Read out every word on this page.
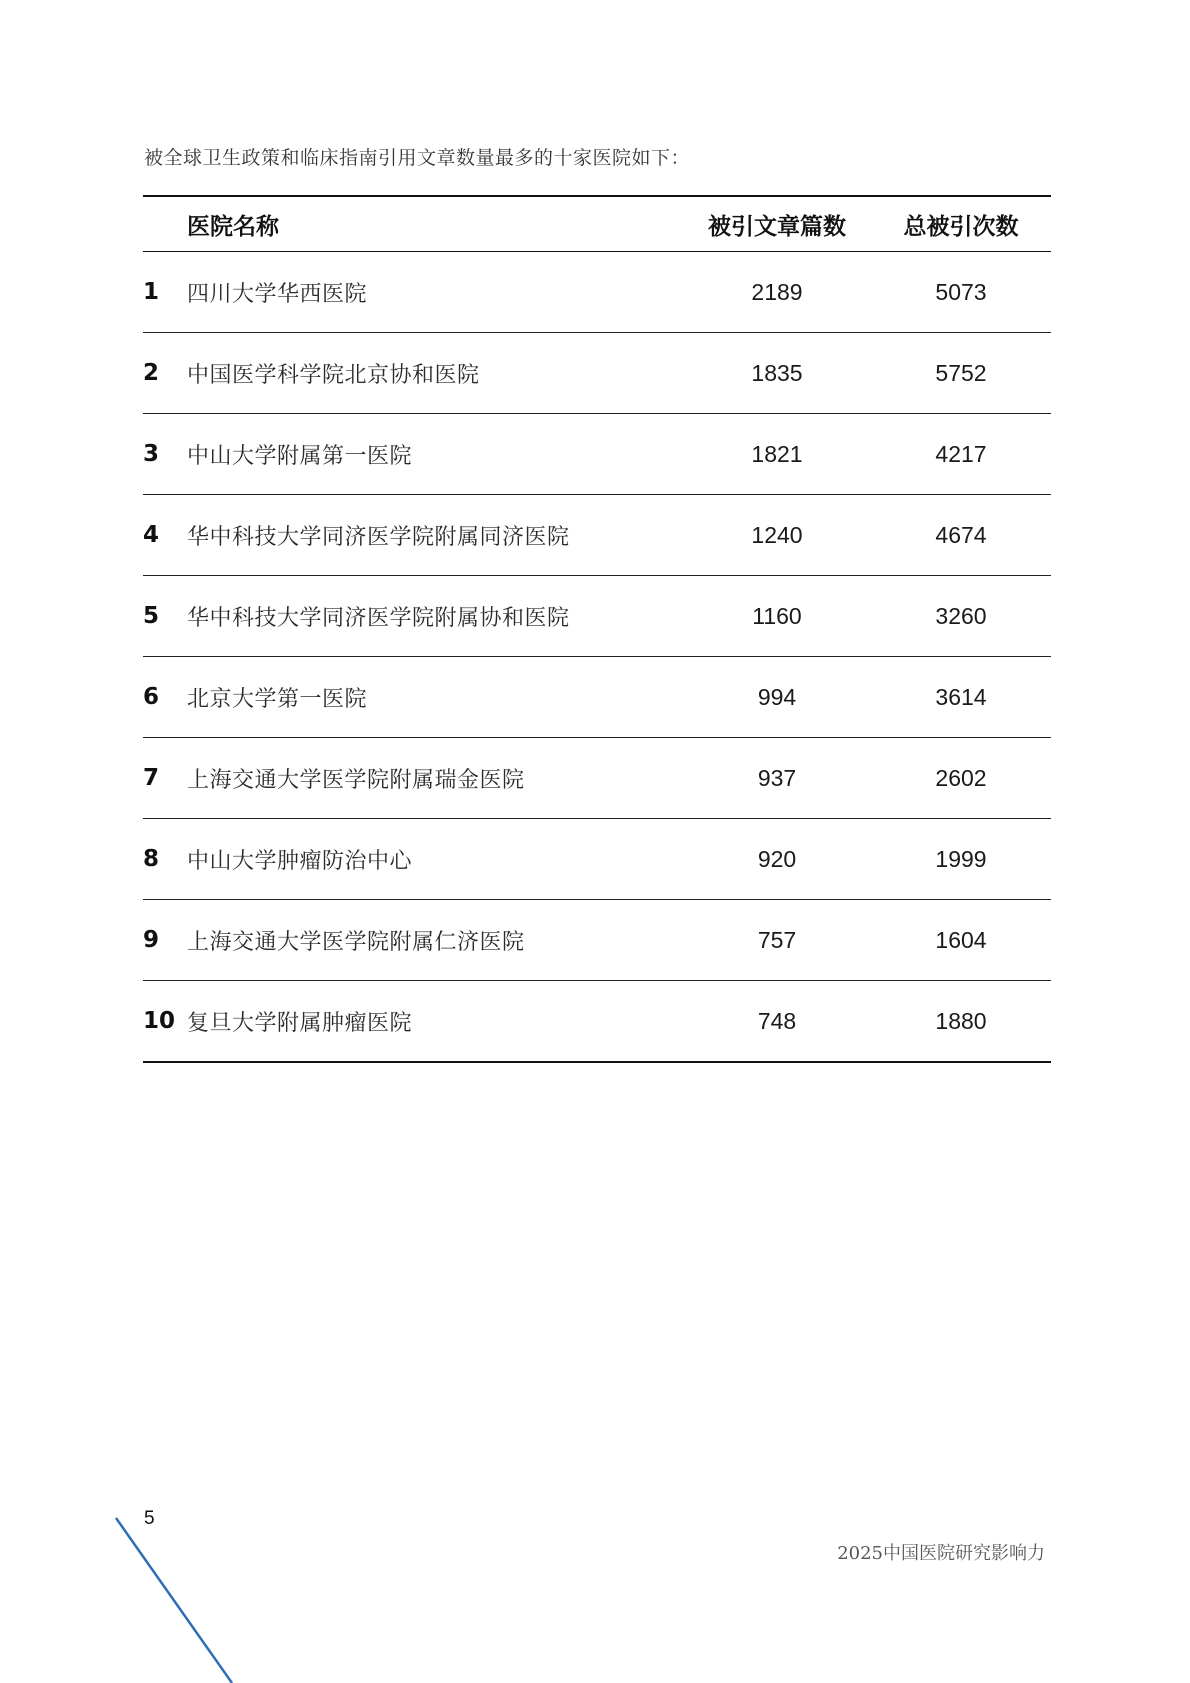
被全球卫生政策和临床指南引用文章数量最多的十家医院如下：
	医院名称	被引文章篇数	总被引次数
1	四川大学华西医院	2189	5073
2	中国医学科学院北京协和医院	1835	5752
3	中山大学附属第一医院	1821	4217
4	华中科技大学同济医学院附属同济医院	1240	4674
5	华中科技大学同济医学院附属协和医院	1160	3260
6	北京大学第一医院	994	3614
7	上海交通大学医学院附属瑞金医院	937	2602
8	中山大学肿瘤防治中心	920	1999
9	上海交通大学医学院附属仁济医院	757	1604
10	复旦大学附属肿瘤医院	748	1880
5
2025中国医院研究影响力
